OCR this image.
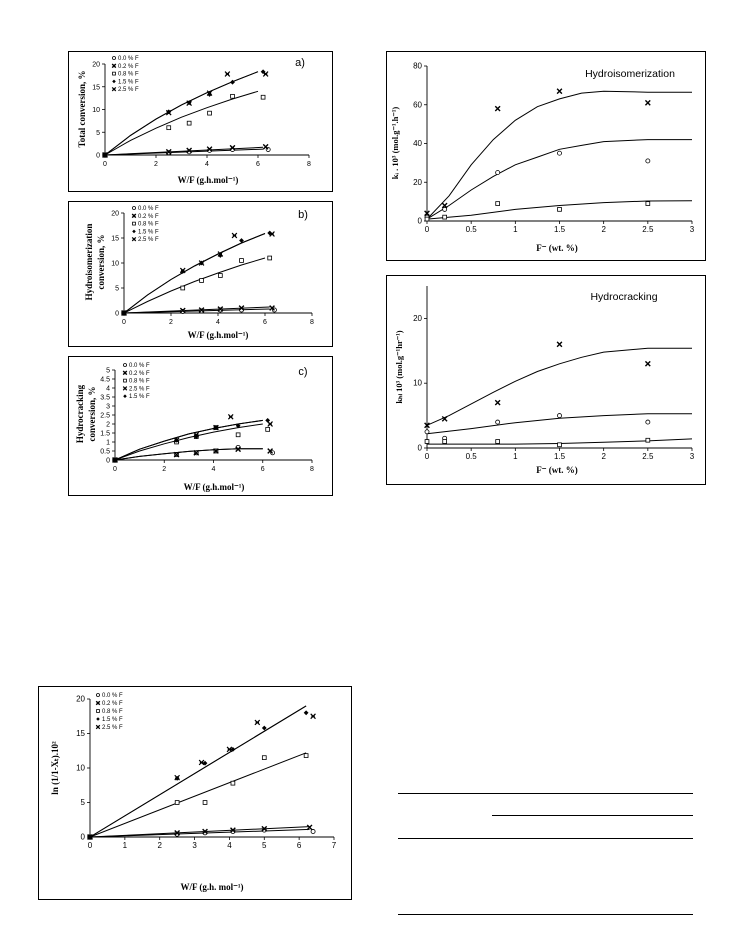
0	2	4	6	8
0
5
10
15
20
W/F (g.h.mol⁻¹)
Total conversion, %
a)
0.0 % F
0.2 % F
0.8 % F
1.5 % F
2.5 % F
0	2	4	6	8
0
5
10
15
20
W/F (g.h.mol⁻¹)
Hydroisomerization conversion, %
b)
0.0 % F
0.2 % F
0.8 % F
1.5 % F
2.5 % F
0	2	4	6	8
0
0.5
1
1.5
2
2.5
3
3.5
4
4.5
5
W/F (g.h.mol⁻¹)
Hydrocracking conversion, %
c)
0.0 % F
0.2 % F
0.8 % F
2.5 % F
1.5 % F
0	1	2	3	4	5	6	7
0
5
10
15
20
W/F (g.h. mol⁻¹)
ln (1/1-Xₜ).10²
0.0 % F
0.2 % F
0.8 % F
1.5 % F
2.5 % F
0	0.5	1	1.5	2	2.5	3
0
20
40
60
80
F⁻ (wt. %)
kᵢ . 10³ (mol.g⁻¹.h⁻¹)
Hydroisomerization
0	0.5	1	1.5	2	2.5	3
0
10
20
F⁻ (wt. %)
kₕₗ 10³ (mol.g⁻¹hr⁻¹)
Hydrocracking
